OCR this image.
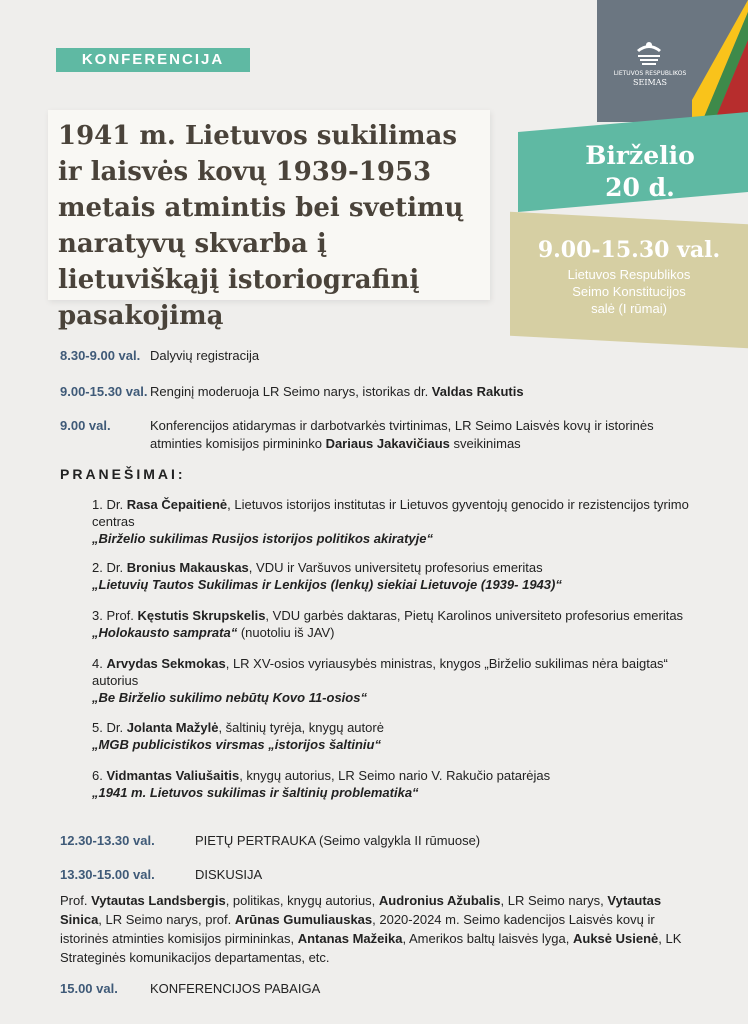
LIETUVOS RESPUBLIKOS
SEIMAS
KONFERENCIJA
1941 m. Lietuvos sukilimas ir laisvės kovų 1939-1953 metais atmintis bei svetimų naratyvų skvarba į lietuviškąjį istoriografinį pasakojimą
Birželio
20 d.
9.00-15.30 val.
Lietuvos Respublikos
Seimo Konstitucijos
salė (I rūmai)
8.30-9.00 val. Dalyvių registracija
9.00-15.30 val. Renginį moderuoja LR Seimo narys, istorikas dr. Valdas Rakutis
9.00 val.	Konferencijos atidarymas ir darbotvarkės tvirtinimas, LR Seimo Laisvės kovų ir istorinės atminties komisijos pirmininko Dariaus Jakavičiaus sveikinimas
PRANEŠIMAI:
1. Dr. Rasa Čepaitienė, Lietuvos istorijos institutas ir Lietuvos gyventojų genocido ir rezistencijos tyrimo centras
„Birželio sukilimas Rusijos istorijos politikos akiratyje“
2. Dr. Bronius Makauskas, VDU ir Varšuvos universitetų profesorius emeritas
„Lietuvių Tautos Sukilimas ir Lenkijos (lenkų) siekiai Lietuvoje (1939- 1943)“
3. Prof. Kęstutis Skrupskelis, VDU garbės daktaras, Pietų Karolinos universiteto profesorius emeritas
„Holokausto samprata“ (nuotoliu iš JAV)
4. Arvydas Sekmokas, LR XV-osios vyriausybės ministras, knygos „Birželio sukilimas nėra baigtas“ autorius
„Be Birželio sukilimo nebūtų Kovo 11-osios“
5. Dr. Jolanta Mažylė, šaltinių tyrėja, knygų autorė
„MGB publicistikos virsmas „istorijos šaltiniu“
6. Vidmantas Valiušaitis, knygų autorius, LR Seimo nario V. Rakučio patarėjas
„1941 m. Lietuvos sukilimas ir šaltinių problematika“
12.30-13.30 val.	PIETŲ PERTRAUKA (Seimo valgykla II rūmuose)
13.30-15.00 val.	DISKUSIJA
Prof. Vytautas Landsbergis, politikas, knygų autorius, Audronius Ažubalis, LR Seimo narys, Vytautas Sinica, LR Seimo narys, prof. Arūnas Gumuliauskas, 2020-2024 m. Seimo kadencijos Laisvės kovų ir istorinės atminties komisijos pirmininkas, Antanas Mažeika, Amerikos baltų laisvės lyga, Auksė Usienė, LK Strateginės komunikacijos departamentas, etc.
15.00 val. KONFERENCIJOS PABAIGA
